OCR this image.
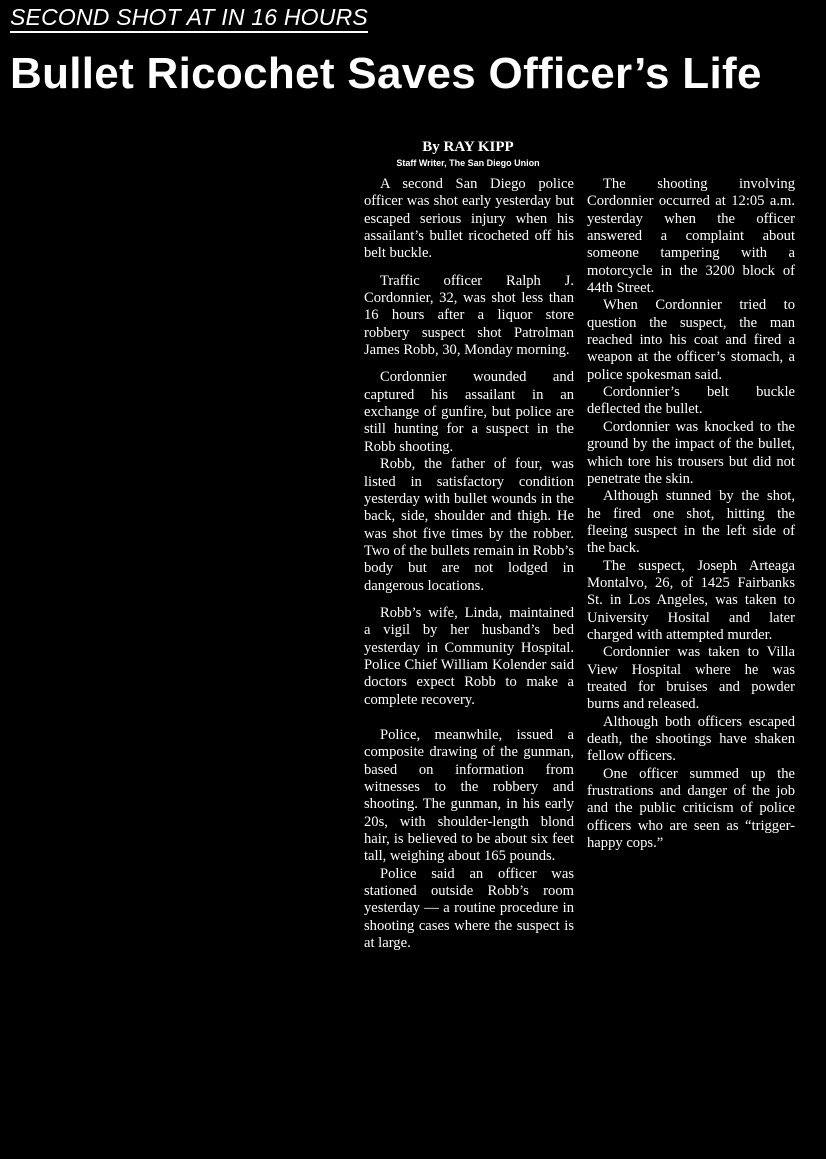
SECOND SHOT AT IN 16 HOURS
Bullet Ricochet Saves Officer’s Life
By RAY KIPP
Staff Writer, The San Diego Union

A second San Diego police officer was shot early yesterday but escaped serious injury when his assailant’s bullet ricocheted off his belt buckle.

Traffic officer Ralph J. Cordonnier, 32, was shot less than 16 hours after a liquor store robbery suspect shot Patrolman James Robb, 30, Monday morning.

Cordonnier wounded and captured his assailant in an exchange of gunfire, but police are still hunting for a suspect in the Robb shooting.

Robb, the father of four, was listed in satisfactory condition yesterday with bullet wounds in the back, side, shoulder and thigh. He was shot five times by the robber. Two of the bullets remain in Robb’s body but are not lodged in dangerous locations.

Robb’s wife, Linda, maintained a vigil by her husband’s bed yesterday in Community Hospital. Police Chief William Kolender said doctors expect Robb to make a complete recovery.

Police, meanwhile, issued a composite drawing of the gunman, based on information from witnesses to the robbery and shooting. The gunman, in his early 20s, with shoulder-length blond hair, is believed to be about six feet tall, weighing about 165 pounds.

Police said an officer was stationed outside Robb’s room yesterday — a routine procedure in shooting cases where the suspect is at large.

The shooting involving Cordonnier occurred at 12:05 a.m. yesterday when the officer answered a complaint about someone tampering with a motorcycle in the 3200 block of 44th Street.

When Cordonnier tried to question the suspect, the man reached into his coat and fired a weapon at the officer’s stomach, a police spokesman said.

Cordonnier’s belt buckle deflected the bullet.

Cordonnier was knocked to the ground by the impact of the bullet, which tore his trousers but did not penetrate the skin.

Although stunned by the shot, he fired one shot, hitting the fleeing suspect in the left side of the back.

The suspect, Joseph Arteaga Montalvo, 26, of 1425 Fairbanks St. in Los Angeles, was taken to University Hosital and later charged with attempted murder.

Cordonnier was taken to Villa View Hospital where he was treated for bruises and powder burns and released.

Although both officers escaped death, the shootings have shaken fellow officers.

One officer summed up the frustrations and danger of the job and the public criticism of police officers who are seen as “trigger-happy cops.”
